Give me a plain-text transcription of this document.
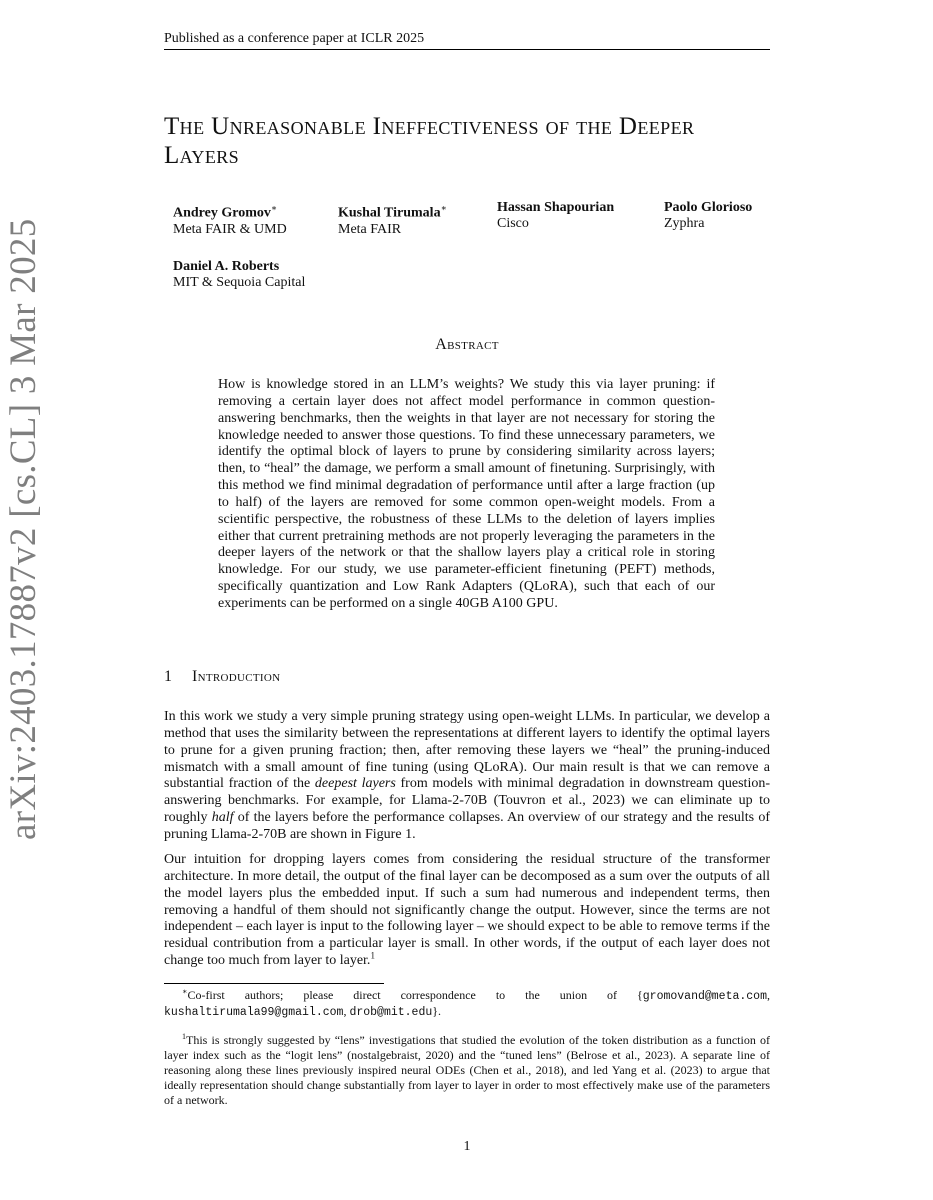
Published as a conference paper at ICLR 2025
The Unreasonable Ineffectiveness of the Deeper Layers
Andrey Gromov∗
Meta FAIR & UMD
Kushal Tirumala∗
Meta FAIR
Hassan Shapourian
Cisco
Paolo Glorioso
Zyphra
Daniel A. Roberts
MIT & Sequoia Capital
Abstract
How is knowledge stored in an LLM’s weights? We study this via layer pruning: if removing a certain layer does not affect model performance in common question-answering benchmarks, then the weights in that layer are not necessary for storing the knowledge needed to answer those questions. To find these unnecessary parameters, we identify the optimal block of layers to prune by considering similarity across layers; then, to “heal” the damage, we perform a small amount of finetuning. Surprisingly, with this method we find minimal degradation of performance until after a large fraction (up to half) of the layers are removed for some common open-weight models. From a scientific perspective, the robustness of these LLMs to the deletion of layers implies either that current pretraining methods are not properly leveraging the parameters in the deeper layers of the network or that the shallow layers play a critical role in storing knowledge. For our study, we use parameter-efficient finetuning (PEFT) methods, specifically quantization and Low Rank Adapters (QLoRA), such that each of our experiments can be performed on a single 40GB A100 GPU.
1 Introduction
In this work we study a very simple pruning strategy using open-weight LLMs. In particular, we develop a method that uses the similarity between the representations at different layers to identify the optimal layers to prune for a given pruning fraction; then, after removing these layers we “heal” the pruning-induced mismatch with a small amount of fine tuning (using QLoRA). Our main result is that we can remove a substantial fraction of the deepest layers from models with minimal degradation in downstream question-answering benchmarks. For example, for Llama-2-70B (Touvron et al., 2023) we can eliminate up to roughly half of the layers before the performance collapses. An overview of our strategy and the results of pruning Llama-2-70B are shown in Figure 1.
Our intuition for dropping layers comes from considering the residual structure of the transformer architecture. In more detail, the output of the final layer can be decomposed as a sum over the outputs of all the model layers plus the embedded input. If such a sum had numerous and independent terms, then removing a handful of them should not significantly change the output. However, since the terms are not independent – each layer is input to the following layer – we should expect to be able to remove terms if the residual contribution from a particular layer is small. In other words, if the output of each layer does not change too much from layer to layer.$^1$
∗Co-first authors; please direct correspondence to the union of {gromovand@meta.com, kushaltirumala99@gmail.com, drob@mit.edu}.
$^1$This is strongly suggested by “lens” investigations that studied the evolution of the token distribution as a function of layer index such as the “logit lens” (nostalgebraist, 2020) and the “tuned lens” (Belrose et al., 2023). A separate line of reasoning along these lines previously inspired neural ODEs (Chen et al., 2018), and led Yang et al. (2023) to argue that ideally representation should change substantially from layer to layer in order to most effectively make use of the parameters of a network.
1
arXiv:2403.17887v2 [cs.CL] 3 Mar 2025
